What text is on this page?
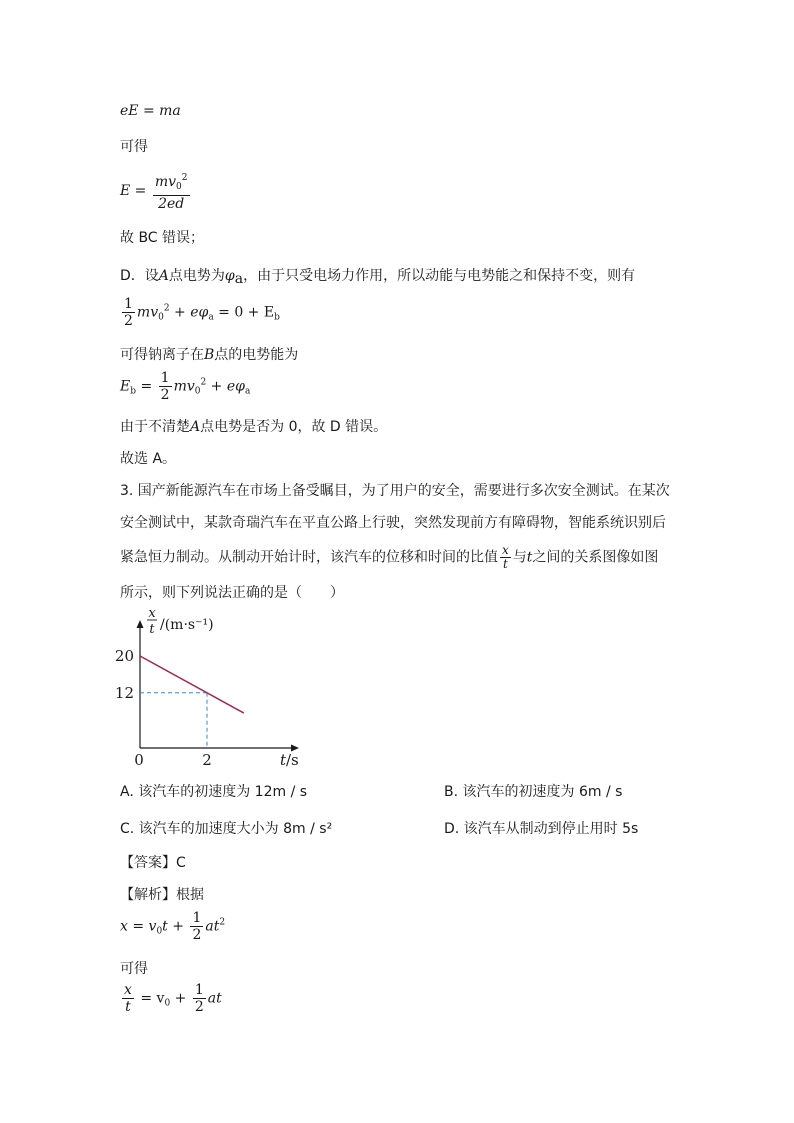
eE = ma
可得
$E = \frac{mv_0^2}{2ed}$
故 BC 错误；
D．设A点电势为$\varphi_a$，由于只受电场力作用，所以动能与电势能之和保持不变，则有
$\frac{1}{2} mv_0^2 + e\varphi_a = 0 + E_b$
可得钠离子在B点的电势能为
$E_b = \frac{1}{2} mv_0^2 + e\varphi_a$
由于不清楚A点电势是否为 0，故 D 错误。
故选 A。
3. 国产新能源汽车在市场上备受瞩目，为了用户的安全，需要进行多次安全测试。在某次
安全测试中，某款奇瑞汽车在平直公路上行驶，突然发现前方有障碍物，智能系统识别后
紧急恒力制动。从制动开始计时，该汽车的位移和时间的比值 $\frac{x}{t}$ 与t之间的关系图像如图
所示，则下列说法正确的是（　　）
20
12
2
0	t /s
x
t /(m·s⁻¹)
A. 该汽车的初速度为 12m / s	B. 该汽车的初速度为 6m / s
C. 该汽车的加速度大小为 8m / s²	D. 该汽车从制动到停止用时 5s
【答案】C
【解析】根据
$x = v_0t + \frac{1}{2} at^2$
可得
$\frac{x}{t} = v_0 + \frac{1}{2}$ at
